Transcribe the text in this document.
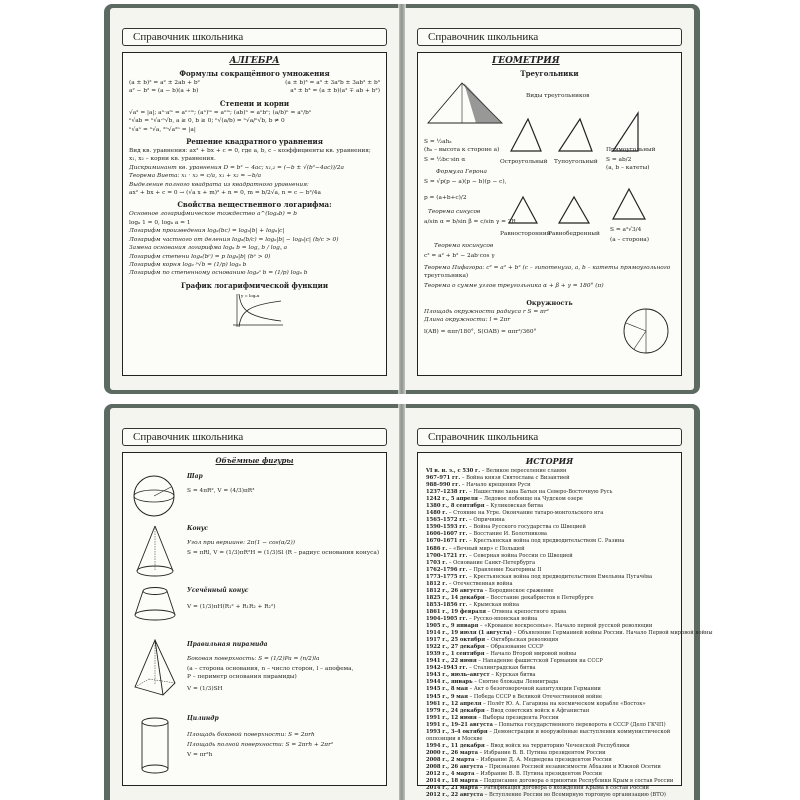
Справочник школьника
АЛГЕБРА
Формулы сокращённого умножения
(a ± b)² = a² ± 2ab + b²	(a ± b)³ = a³ ± 3a²b ± 3ab² ± b³
a² − b² = (a − b)(a + b)	a³ ± b³ = (a ± b)(a² ∓ ab + b²)
Степени и корни
√a² = |a|; aⁿ·aᵐ = aⁿ⁺ᵐ; (aⁿ)ᵐ = aⁿᵐ; (ab)ⁿ = aⁿbⁿ; (a/b)ⁿ = aⁿ/bⁿ
ⁿ√ab = ⁿ√a·ⁿ√b, a ≥ 0, b ≥ 0; ⁿ√(a/b) = ⁿ√a/ⁿ√b, b ≠ 0
ⁿ√aⁿ = ⁿ√a, ²ⁿ√a²ⁿ = |a|
Решение квадратного уравнения
Вид кв. уравнения: ax² + bx + c = 0, где a, b, c – коэффициенты кв. уравнения;
x₁, x₂ – корни кв. уравнения.
Дискриминант кв. уравнения D = b² − 4ac; x₁,₂ = (−b ± √(b²−4ac))/2a
Теорема Виета: x₁ · x₂ = c/a, x₁ + x₂ = −b/a
Выделение полного квадрата из квадратного уравнения:
ax² + bx + c = 0 → (√a x + m)² + n = 0, m = b/2√a, n = c − b²/4a
Свойства вещественного логарифма:
Основное логарифмическое тождество a^(logₐb) = b
logₐ 1 = 0, logₐ a = 1
Логарифм произведения logₐ(bc) = logₐ|b| + logₐ|c|
Логарифм частного от деления logₐ(b/c) = logₐ|b| − logₐ|c| (b/c > 0)
Замена основания логарифма logₐ b = log꜀ b / log꜀ a
Логарифм степени logₐ(bᵖ) = p logₐ|b| (bᵖ > 0)
Логарифм корня logₐ ᵖ√b = (1/p) logₐ b
Логарифм по степенному основанию logₐᵖ b = (1/p) logₐ b
График логарифмической функции
y = logₐx
Справочник школьника
ГЕОМЕТРИЯ
Треугольники
Виды треугольников
S = ½ahₐ
(hₐ – высота к стороне a)
S = ½bc·sin α	Остроугольный Тупоугольный
Прямоугольный
S = ab/2
(a, b – катеты)
Формула Герона
S = √p(p − a)(p − b)(p − c),
p = (a+b+c)/2
Равносторонний
Равнобедренный
S = a²√3/4
(a – сторона)
Теорема синусов
a/sin α = b/sin β = c/sin γ = 2R
Теорема косинусов
c² = a² + b² − 2ab·cos γ
Теорема Пифагора: c² = a² + b² (c – гипотенуза, a, b – катеты прямоугольного
треугольника)
Теорема о сумме углов треугольника α + β + γ = 180° (π)
Окружность
Площадь окружности радиуса r S = πr²
Длина окружности: l = 2πr
l(AB) = απr/180°, S(OAB) = απr²/360°
Справочник школьника
Объёмные фигуры
Шар
S = 4πR², V = (4/3)πR³
Конус
Угол при вершине: 2π(1 − cos(α/2))
S = πRl, V = (1/3)πR²H = (1/3)Sl (R – радиус основания конуса)
Усечённый конус
V = (1/3)πH(R₁² + R₁R₂ + R₂²)
Правильная пирамида
Боковая поверхность: S = (1/2)Pa = (n/2)la
(a – сторона основания, n – число сторон, l – апофема,
P – периметр основания пирамиды)
V = (1/3)SH
Цилиндр
Площадь боковой поверхности: S = 2πrh
Площадь полной поверхности: S = 2πrh + 2πr²
V = πr²h
Справочник школьника
ИСТОРИЯ
VI в. н. э., с 530 г. – Великое переселение славян
967–971 гг. – Война князя Святослава с Византией
988–990 гг. – Начало крещения Руси
1237–1238 гг. – Нашествие хана Батыя на Северо-Восточную Русь
1242 г., 5 апреля – Ледовое побоище на Чудском озере
1380 г., 8 сентября – Куликовская битва
1480 г. – Стояние на Угре. Окончание татаро-монгольского ига
1565–1572 гг. – Опричнина
1590–1593 гг. – Война Русского государства со Швецией
1606–1607 гг. – Восстание И. Болотникова
1670–1671 гг. – Крестьянская война под предводительством С. Разина
1686 г. – «Вечный мир» с Польшей
1700–1721 гг. – Северная война России со Швецией
1703 г. – Основание Санкт-Петербурга
1762–1796 гг. – Правление Екатерины II
1773–1775 гг. – Крестьянская война под предводительством Емельяна Пугачёва
1812 г. – Отечественная война
1812 г., 26 августа – Бородинское сражение
1825 г., 14 декабря – Восстание декабристов в Петербурге
1853–1856 гг. – Крымская война
1861 г., 19 февраля – Отмена крепостного права
1904–1905 гг. – Русско-японская война
1905 г., 9 января – «Кровавое воскресенье». Начало первой русской революции
1914 г., 19 июля (1 августа) – Объявление Германией войны России. Начало Первой мировой войны
1917 г., 25 октября – Октябрьская революция
1922 г., 27 декабря – Образование СССР
1939 г., 1 сентября – Начало Второй мировой войны
1941 г., 22 июня – Нападение фашистской Германии на СССР
1942–1943 гг. – Сталинградская битва
1943 г., июль–август – Курская битва
1944 г., январь – Снятие блокады Ленинграда
1945 г., 8 мая – Акт о безоговорочной капитуляции Германии
1945 г., 9 мая – Победа СССР в Великой Отечественной войне
1961 г., 12 апреля – Полёт Ю. А. Гагарина на космическом корабле «Восток»
1979 г., 24 декабря – Ввод советских войск в Афганистан
1991 г., 12 июня – Выборы президента России
1991 г., 19–21 августа – Попытка государственного переворота в СССР (Дело ГКЧП)
1993 г., 3–4 октября – Демонстрации и вооружённые выступления коммунистической
оппозиции в Москве
1994 г., 11 декабря – Ввод войск на территорию Чеченской Республики
2000 г., 26 марта – Избрание В. В. Путина президентом России
2008 г., 2 марта – Избрание Д. А. Медведева президентом России
2008 г., 26 августа – Признание Россией независимости Абхазии и Южной Осетии
2012 г., 4 марта – Избрание В. В. Путина президентом России
2014 г., 18 марта – Подписание договора о принятии Республики Крым в состав России
2014 г., 21 марта – Ратификация договора о вхождении Крыма в состав России
2012 г., 22 августа – Вступление России во Всемирную торговую организацию (ВТО)
